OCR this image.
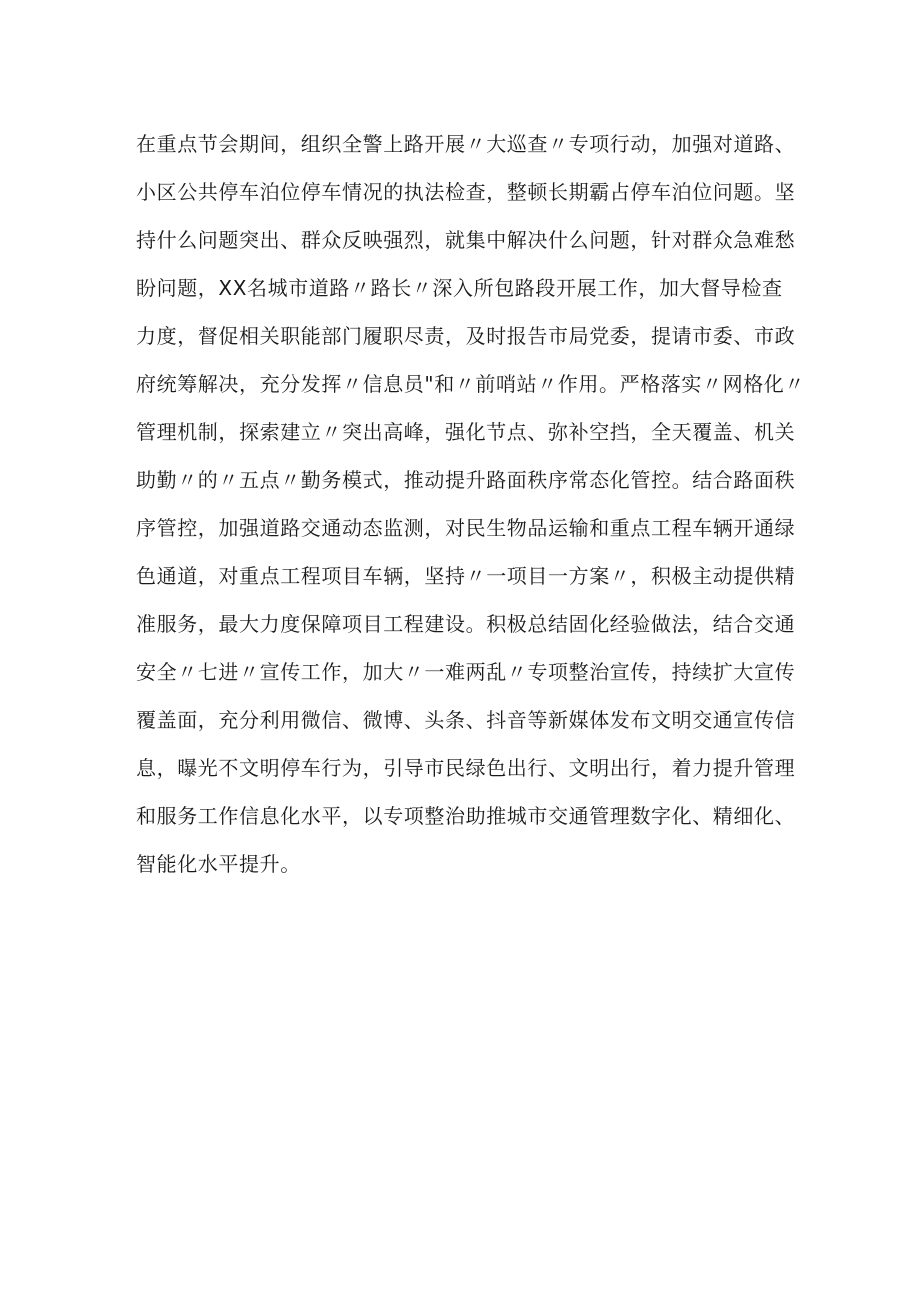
在重点节会期间，组织全警上路开展〃大巡查〃专项行动，加强对道路、
小区公共停车泊位停车情况的执法检查，整顿长期霸占停车泊位问题。坚
持什么问题突出、群众反映强烈，就集中解决什么问题，针对群众急难愁
盼问题，XX名城市道路〃路长〃深入所包路段开展工作，加大督导检查
力度，督促相关职能部门履职尽责，及时报告市局党委，提请市委、市政
府统筹解决，充分发挥〃信息员"和〃前哨站〃作用。严格落实〃网格化〃
管理机制，探索建立〃突出高峰，强化节点、弥补空挡，全天覆盖、机关
助勤〃的〃五点〃勤务模式，推动提升路面秩序常态化管控。结合路面秩
序管控，加强道路交通动态监测，对民生物品运输和重点工程车辆开通绿
色通道，对重点工程项目车辆，坚持〃一项目一方案〃，积极主动提供精
准服务，最大力度保障项目工程建设。积极总结固化经验做法，结合交通
安全〃七进〃宣传工作，加大〃一难两乱〃专项整治宣传，持续扩大宣传
覆盖面，充分利用微信、微博、头条、抖音等新媒体发布文明交通宣传信
息，曝光不文明停车行为，引导市民绿色出行、文明出行，着力提升管理
和服务工作信息化水平，以专项整治助推城市交通管理数字化、精细化、
智能化水平提升。
